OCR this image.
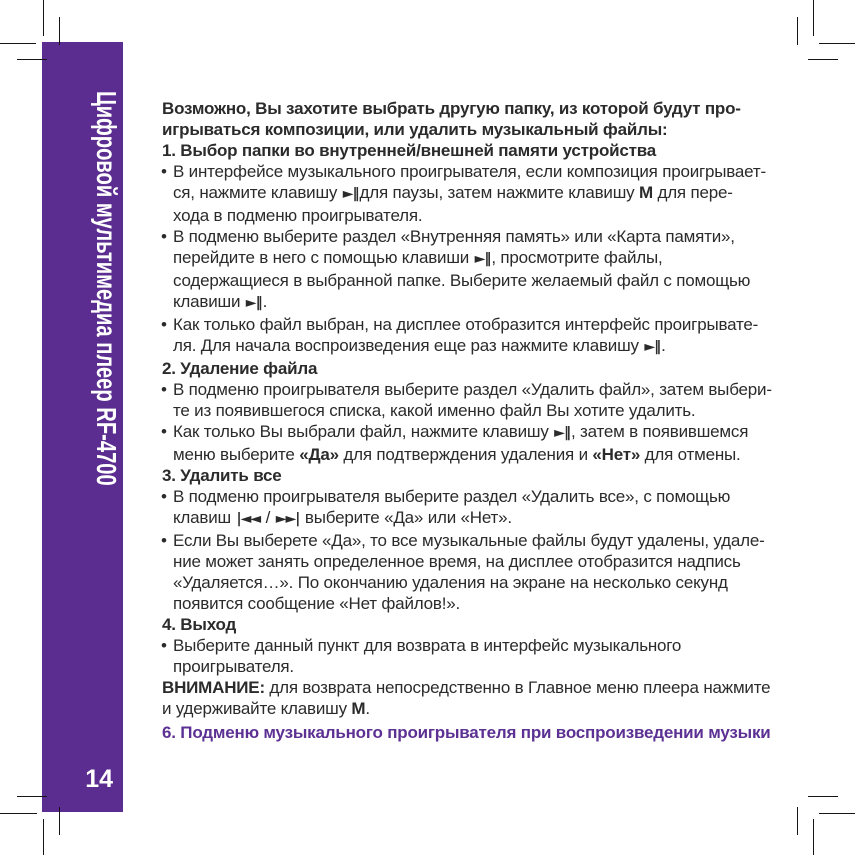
14
Цифровой мультимедиа плеер RF-4700 Возможно, Вы захотите выбрать другую папку, из которой будут про-
игрываться композиции, или удалить музыкальный файлы:
1. Выбор папки во внутренней/внешней памяти устройства
• В интерфейсе музыкального проигрывателя, если композиция проигрывает-
ся, нажмите клавишу ►‖для паузы, затем нажмите клавишу М для пере-
хода в подменю проигрывателя.
• В подменю выберите раздел «Внутренняя память» или «Карта памяти»,
перейдите в него с помощью клавиши ►‖, просмотрите файлы,
содержащиеся в выбранной папке. Выберите желаемый файл с помощью
клавиши ►‖.
• Как только файл выбран, на дисплее отобразится интерфейс проигрывате-
ля. Для начала воспроизведения еще раз нажмите клавишу ►‖.
2. Удаление файла
• В подменю проигрывателя выберите раздел «Удалить файл», затем выбери-
те из появившегося списка, какой именно файл Вы хотите удалить.
• Как только Вы выбрали файл, нажмите клавишу ►‖, затем в появившемся
меню выберите «Да» для подтверждения удаления и «Нет» для отмены.
3. Удалить все
• В подменю проигрывателя выберите раздел «Удалить все», с помощью
клавиш |◄◄ / ►►| выберите «Да» или «Нет».
• Если Вы выберете «Да», то все музыкальные файлы будут удалены, удале-
ние может занять определенное время, на дисплее отобразится надпись
«Удаляется…». По окончанию удаления на экране на несколько секунд
появится сообщение «Нет файлов!».
4. Выход
• Выберите данный пункт для возврата в интерфейс музыкального
проигрывателя.
ВНИМАНИЕ: для возврата непосредственно в Главное меню плеера нажмите
и удерживайте клавишу М.
6. Подменю музыкального проигрывателя при воспроизведении музыки
